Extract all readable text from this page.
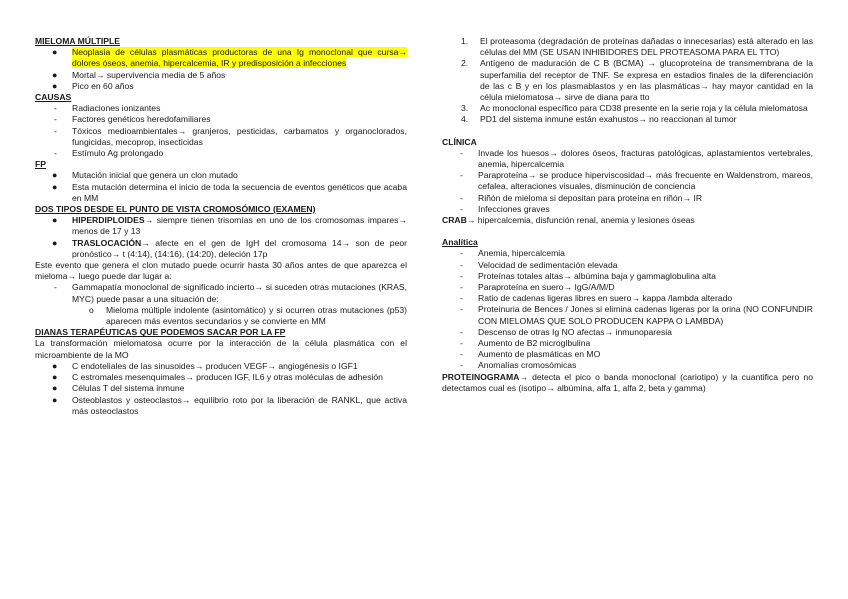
MIELOMA MÚLTIPLE
● Neoplasia de células plasmáticas productoras de una Ig monoclonal que cursa→ dolores óseos, anemia, hipercalcemia, IR y predisposición a infecciones
● Mortal→ supervivencia media de 5 años
● Pico en 60 años
CAUSAS
- Radiaciones ionizantes
- Factores genéticos heredofamiliares
- Tóxicos medioambientales→ granjeros, pesticidas, carbamatos y organoclorados, fungicidas, mecoprop, insecticidas
- Estímulo Ag prolongado
FP
● Mutación inicial que genera un clon mutado
● Esta mutación determina el inicio de toda la secuencia de eventos genéticos que acaba en MM
DOS TIPOS DESDE EL PUNTO DE VISTA CROMOSÓMICO (EXAMEN)
● HIPERDIPLOIDES→ siempre tienen trisomías en uno de los cromosomas impares→ menos de 17 y 13
● TRASLOCACIÓN→ afecte en el gen de IgH del cromosoma 14→ son de peor pronóstico→ t (4:14), (14:16), (14:20), deleción 17p
Este evento que genera el clon mutado puede ocurrir hasta 30 años antes de que aparezca el mieloma→ luego puede dar lugar a:
- Gammapatía monoclonal de significado incierto→ si suceden otras mutaciones (KRAS, MYC) puede pasar a una situación de:
o Mieloma múltiple indolente (asintomático) y si ocurren otras mutaciones (p53) aparecen más eventos secundarios y se convierte en MM
DIANAS TERAPÉUTICAS QUE PODEMOS SACAR POR LA FP
La transformación mielomatosa ocurre por la interacción de la célula plasmática con el microambiente de la MO
● C endoteliales de las sinusoides→ producen VEGF→ angiogénesis o IGF1
● C estromales mesenquimales→ producen IGF, IL6 y otras moléculas de adhesión
● Células T del sistema inmune
● Osteoblastos y osteoclastos→ equilibrio roto por la liberación de RANKL, que activa más osteoclastos
1. El proteasoma (degradación de proteínas dañadas o innecesarias) está alterado en las células del MM (SE USAN INHIBIDORES DEL PROTEASOMA PARA EL TTO)
2. Antígeno de maduración de C B (BCMA) → glucoproteína de transmembrana de la superfamilia del receptor de TNF. Se expresa en estadios finales de la diferenciación de las c B y en los plasmablastos y en las plasmáticas→ hay mayor cantidad en la célula mielomatosa→ sirve de diana para tto
3. Ac monoclonal específico para CD38 presente en la serie roja y la célula mielomatosa
4. PD1 del sistema inmune están exahustos→ no reaccionan al tumor
CLÍNICA
- Invade los huesos→ dolores óseos, fracturas patológicas, aplastamientos vertebrales, anemia, hipercalcemia
- Paraproteína→ se produce hiperviscosidad→ más frecuente en Waldenstrom, mareos, cefalea, alteraciones visuales, disminución de conciencia
- Riñón de mieloma si depositan para proteína en riñón→ IR
- Infecciones graves
CRAB→ hipercalcemia, disfunción renal, anemia y lesiones óseas
Analítica
- Anemia, hipercalcemia
- Velocidad de sedimentación elevada
- Proteínas totales altas→ albúmina baja y gammaglobulina alta
- Paraproteína en suero→ IgG/A/M/D
- Ratio de cadenas ligeras libres en suero→ kappa /lambda alterado
- Proteinuria de Bences / Jones si elimina cadenas ligeras por la orina (NO CONFUNDIR CON MIELOMAS QUE SOLO PRODUCEN KAPPA O LAMBDA)
- Descenso de otras Ig NO afectas→ inmunoparesia
- Aumento de B2 microglbulina
- Aumento de plasmáticas en MO
- Anomalías cromosómicas
PROTEINOGRAMA→ detecta el pico o banda monoclonal (cariotipo) y la cuantifica pero no detectamos cual es (isotipo→ albúmina, alfa 1, alfa 2, beta y gamma)
